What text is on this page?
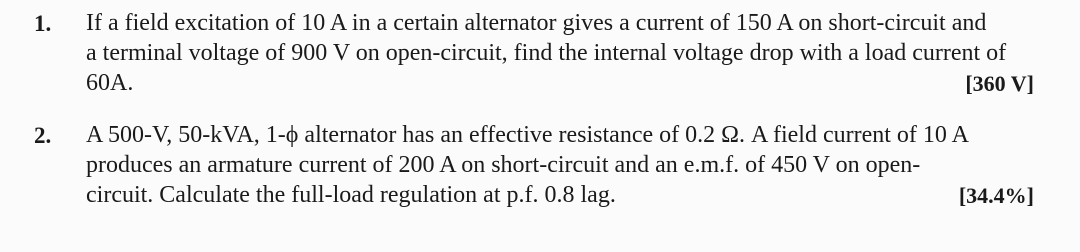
1. If a field excitation of 10 A in a certain alternator gives a current of 150 A on short-circuit and
a terminal voltage of 900 V on open-circuit, find the internal voltage drop with a load current of
60A.	[360 V]
2. A 500-V, 50-kVA, 1-ϕ alternator has an effective resistance of 0.2 Ω. A field current of 10 A
produces an armature current of 200 A on short-circuit and an e.m.f. of 450 V on open-
circuit. Calculate the full-load regulation at p.f. 0.8 lag.	[34.4%]
